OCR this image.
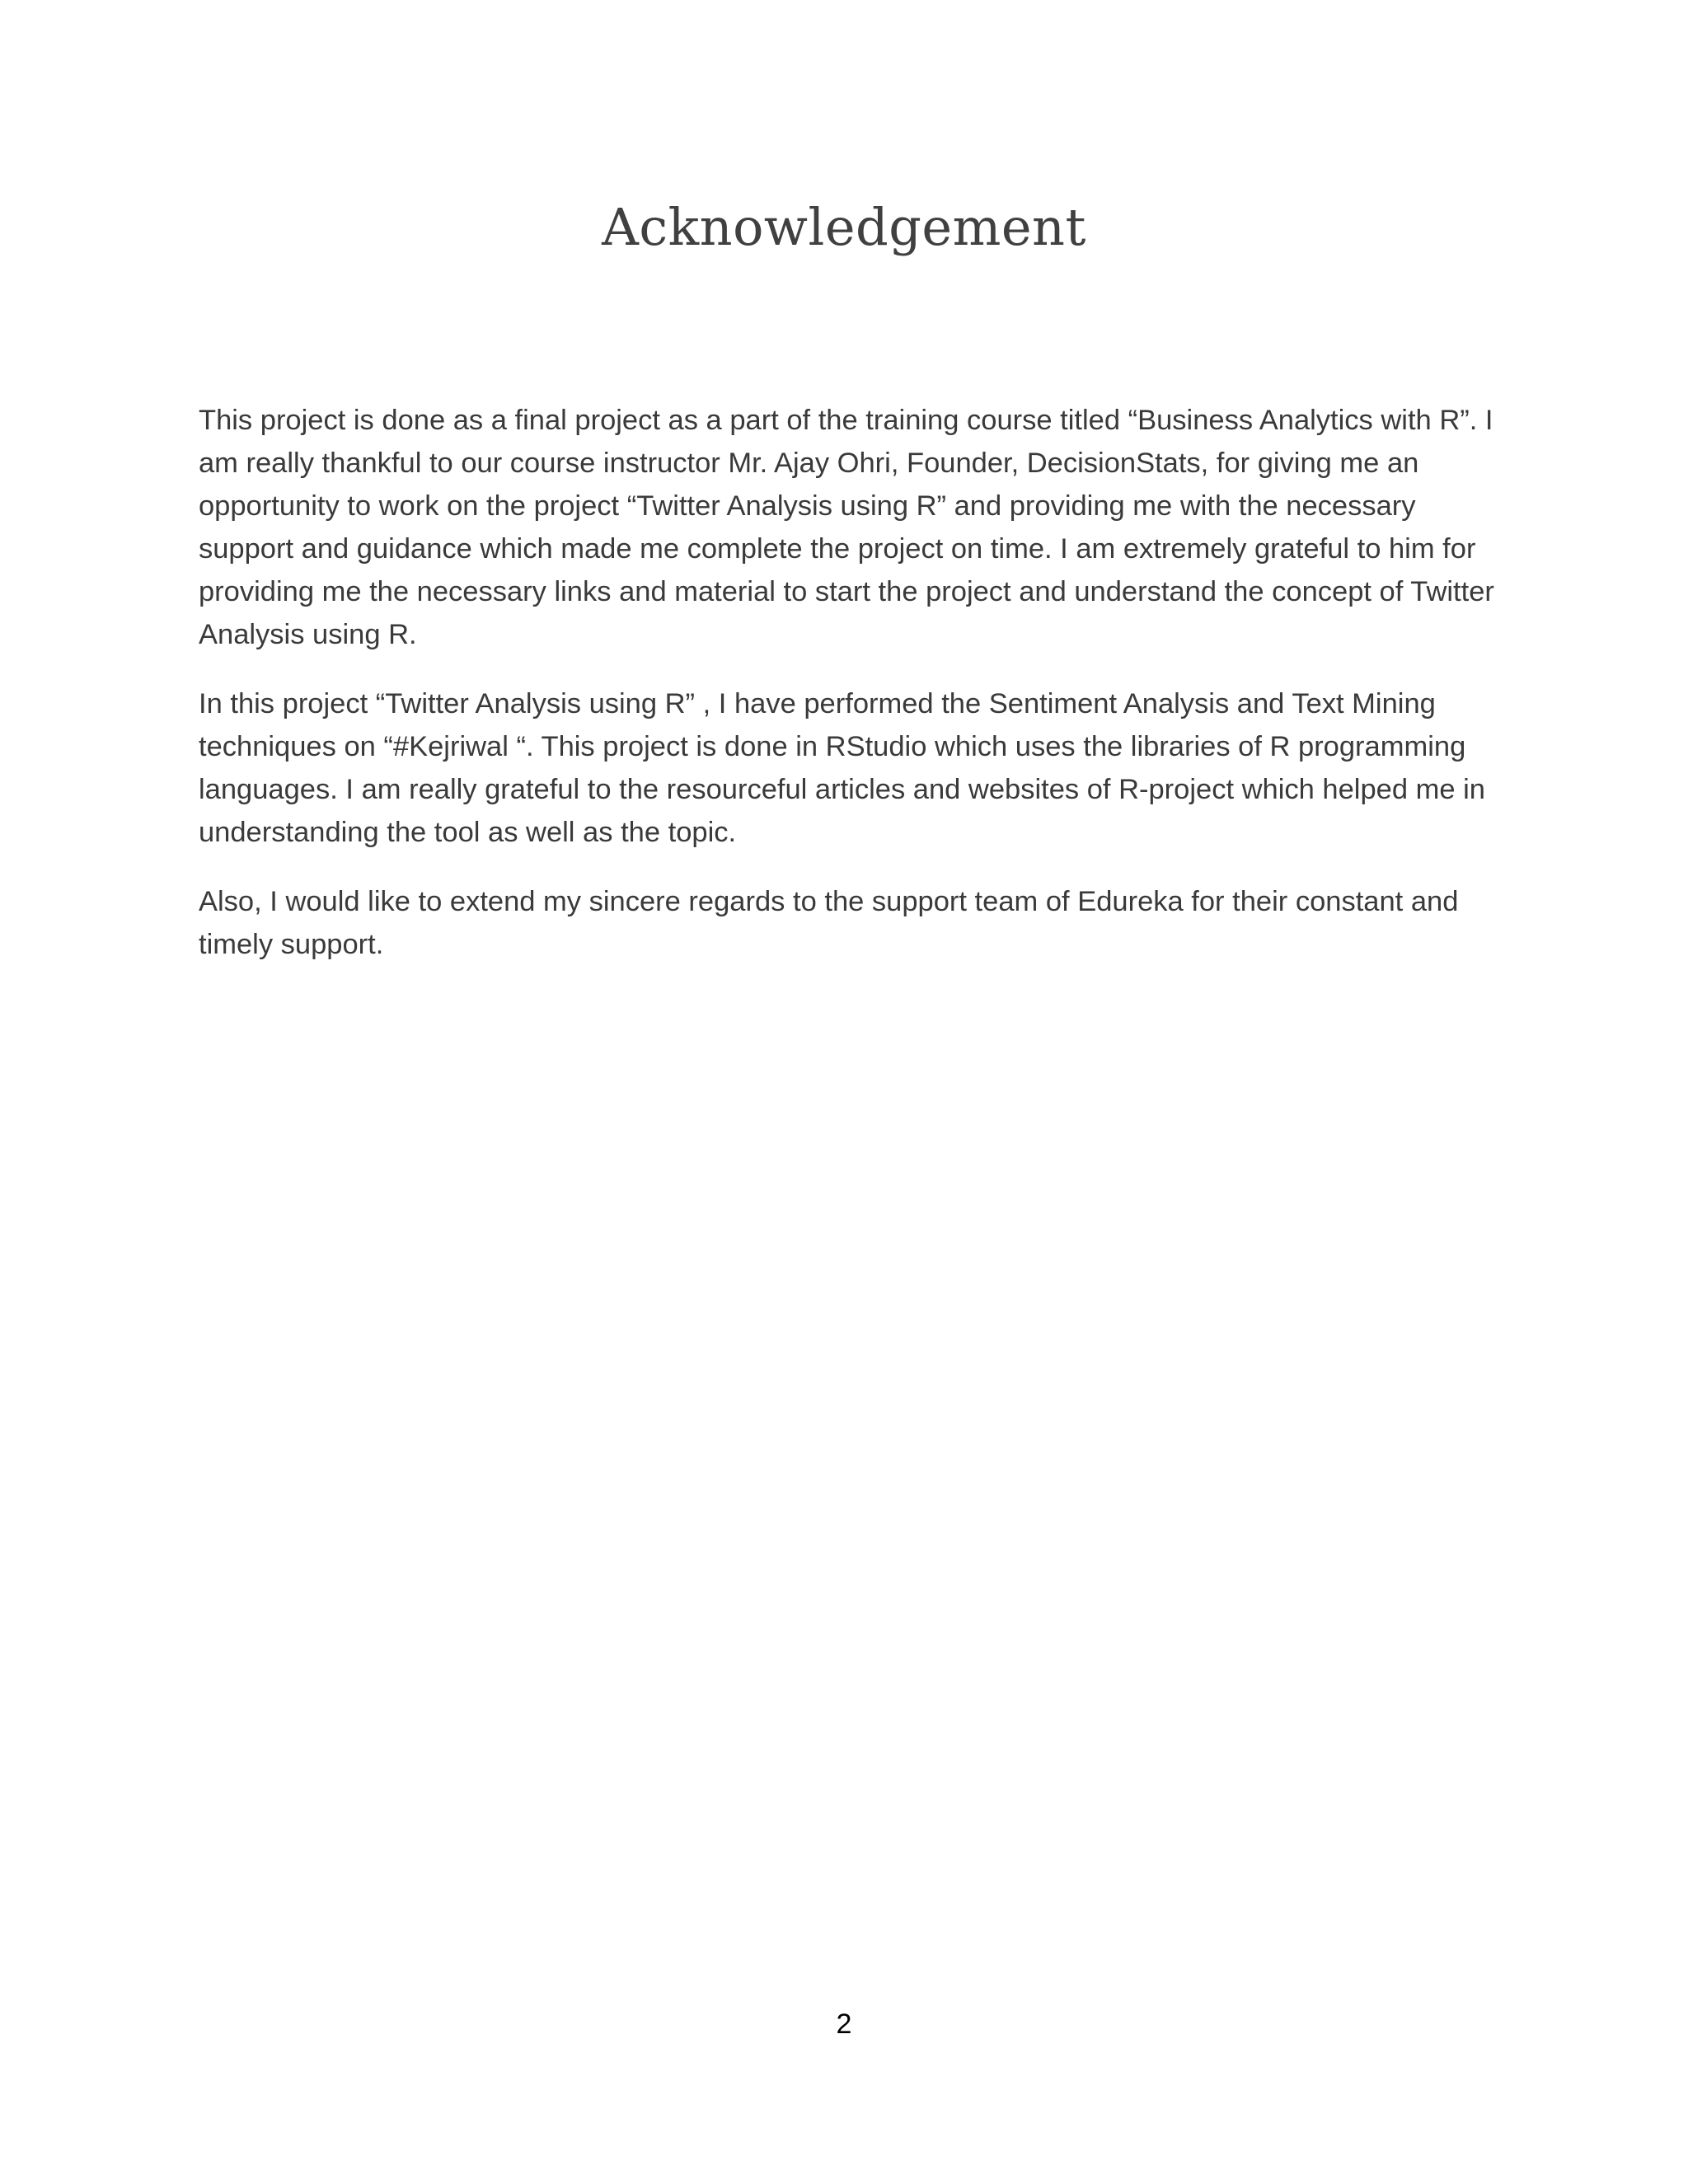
Acknowledgement

This project is done as a final project as a part of the training course titled “Business Analytics with R”. I am really thankful to our course instructor Mr. Ajay Ohri, Founder, DecisionStats, for giving me an opportunity to work on the project “Twitter Analysis using R” and providing me with the necessary support and guidance which made me complete the project on time. I am extremely grateful to him for providing me the necessary links and material to start the project and understand the concept of Twitter Analysis using R.

In this project “Twitter Analysis using R” , I have performed the Sentiment Analysis and Text Mining techniques on “#Kejriwal “. This project is done in RStudio which uses the libraries of R programming languages. I am really grateful to the resourceful articles and websites of R-project which helped me in understanding the tool as well as the topic.

Also, I would like to extend my sincere regards to the support team of Edureka for their constant and timely support.

2
